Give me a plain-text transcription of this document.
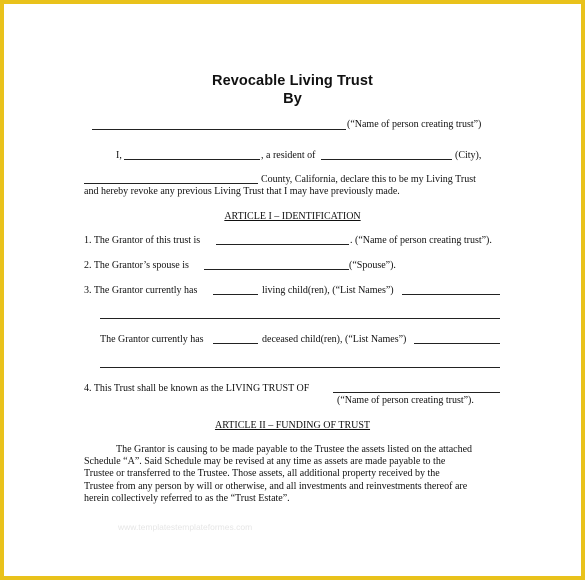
Revocable Living Trust
By
(“Name of person creating trust”)
I,	, a resident of	(City),
County, California, declare this to be my Living Trust
and hereby revoke any previous Living Trust that I may have previously made.
ARTICLE I – IDENTIFICATION
1. The Grantor of this trust is	. (“Name of person creating trust”).
2. The Grantor’s spouse is	(“Spouse”).
3. The Grantor currently has	living child(ren), (“List Names”)
The Grantor currently has	deceased child(ren), (“List Names”)
4. This Trust shall be known as the LIVING TRUST OF
(“Name of person creating trust”).
ARTICLE II – FUNDING OF TRUST

The Grantor is causing to be made payable to the Trustee the assets listed on the attached

Schedule “A”. Said Schedule may be revised at any time as assets are made payable to the

Trustee or transferred to the Trustee. Those assets, all additional property received by the

Trustee from any person by will or otherwise, and all investments and reinvestments thereof are

herein collectively referred to as the “Trust Estate”.

www.templatestemplateformes.com
